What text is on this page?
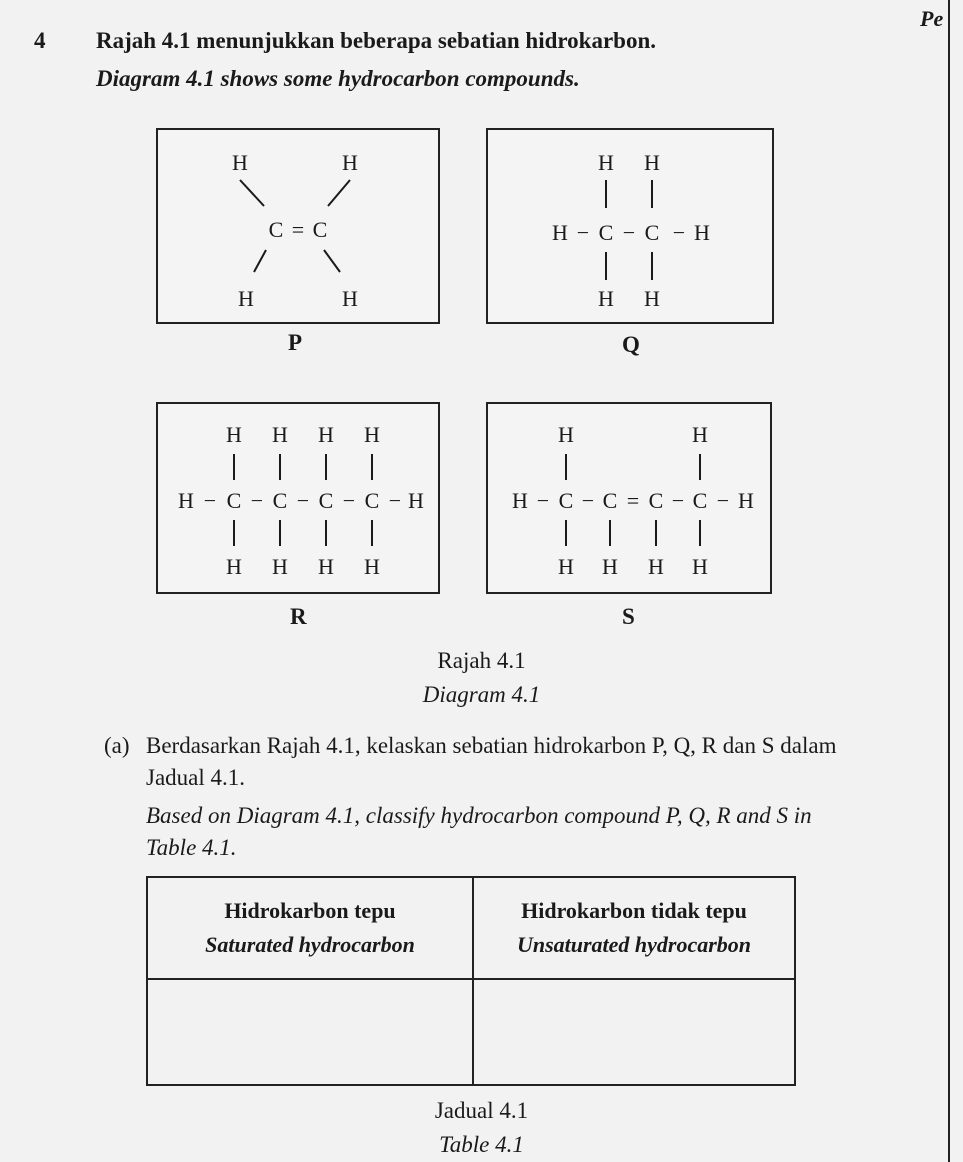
Pe
4 Rajah 4.1 menunjukkan beberapa sebatian hidrokarbon.
Diagram 4.1 shows some hydrocarbon compounds.
H	H
C = C
H	H
P
H H
H − C − C − H
H H
Q
H H H H
H − C − C − C − C − H
H H H H
R
H	H
H − C − C = C − C − H
H H H H
S
Rajah 4.1
Diagram 4.1
(a) Berdasarkan Rajah 4.1, kelaskan sebatian hidrokarbon P, Q, R dan S dalam
Jadual 4.1.
Based on Diagram 4.1, classify hydrocarbon compound P, Q, R and S in
Table 4.1.
Hidrokarbon tepu
Saturated hydrocarbon
Hidrokarbon tidak tepu
Unsaturated hydrocarbon
Jadual 4.1
Table 4.1
